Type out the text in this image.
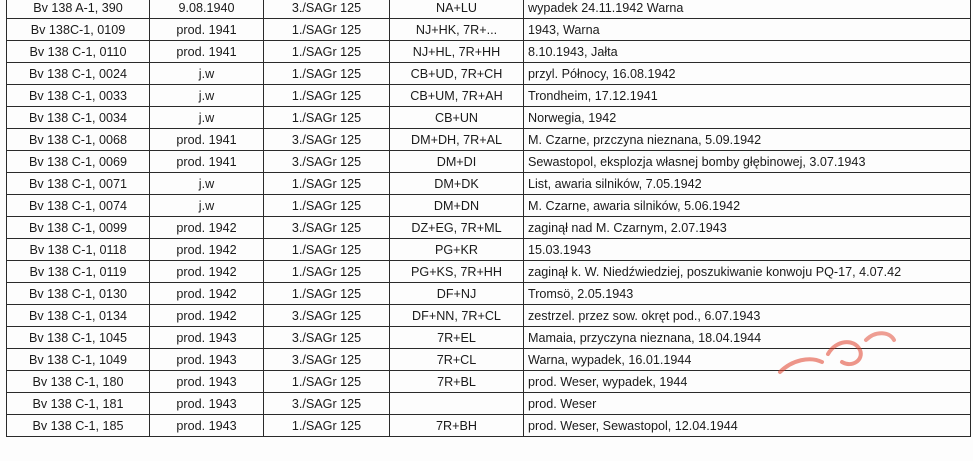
Bv 138 A-1, 390	9.08.1940	3./SAGr 125	NA+LU	wypadek 24.11.1942 Warna
Bv 138C-1, 0109	prod. 1941	1./SAGr 125	NJ+HK, 7R+...	1943, Warna
Bv 138 C-1, 0110	prod. 1941	1./SAGr 125	NJ+HL, 7R+HH	8.10.1943, Jałta
Bv 138 C-1, 0024	j.w	1./SAGr 125	CB+UD, 7R+CH	przyl. Północy, 16.08.1942
Bv 138 C-1, 0033	j.w	1./SAGr 125	CB+UM, 7R+AH	Trondheim, 17.12.1941
Bv 138 C-1, 0034	j.w	1./SAGr 125	CB+UN	Norwegia, 1942
Bv 138 C-1, 0068	prod. 1941	3./SAGr 125	DM+DH, 7R+AL	M. Czarne, przczyna nieznana, 5.09.1942
Bv 138 C-1, 0069	prod. 1941	3./SAGr 125	DM+DI	Sewastopol, eksplozja własnej bomby głębinowej, 3.07.1943
Bv 138 C-1, 0071	j.w	1./SAGr 125	DM+DK	List, awaria silników, 7.05.1942
Bv 138 C-1, 0074	j.w	1./SAGr 125	DM+DN	M. Czarne, awaria silników, 5.06.1942
Bv 138 C-1, 0099	prod. 1942	3./SAGr 125	DZ+EG, 7R+ML	zaginął nad M. Czarnym, 2.07.1943
Bv 138 C-1, 0118	prod. 1942	1./SAGr 125	PG+KR	15.03.1943
Bv 138 C-1, 0119	prod. 1942	1./SAGr 125	PG+KS, 7R+HH	zaginął k. W. Niedźwiedziej, poszukiwanie konwoju PQ-17, 4.07.42
Bv 138 C-1, 0130	prod. 1942	1./SAGr 125	DF+NJ	Tromsö, 2.05.1943
Bv 138 C-1, 0134	prod. 1942	3./SAGr 125	DF+NN, 7R+CL	zestrzel. przez sow. okręt pod., 6.07.1943
Bv 138 C-1, 1045	prod. 1943	3./SAGr 125	7R+EL	Mamaia, przyczyna nieznana, 18.04.1944
Bv 138 C-1, 1049	prod. 1943	3./SAGr 125	7R+CL	Warna, wypadek, 16.01.1944
Bv 138 C-1, 180	prod. 1943	1./SAGr 125	7R+BL	prod. Weser, wypadek, 1944
Bv 138 C-1, 181	prod. 1943	3./SAGr 125		prod. Weser
Bv 138 C-1, 185	prod. 1943	1./SAGr 125	7R+BH	prod. Weser, Sewastopol, 12.04.1944
